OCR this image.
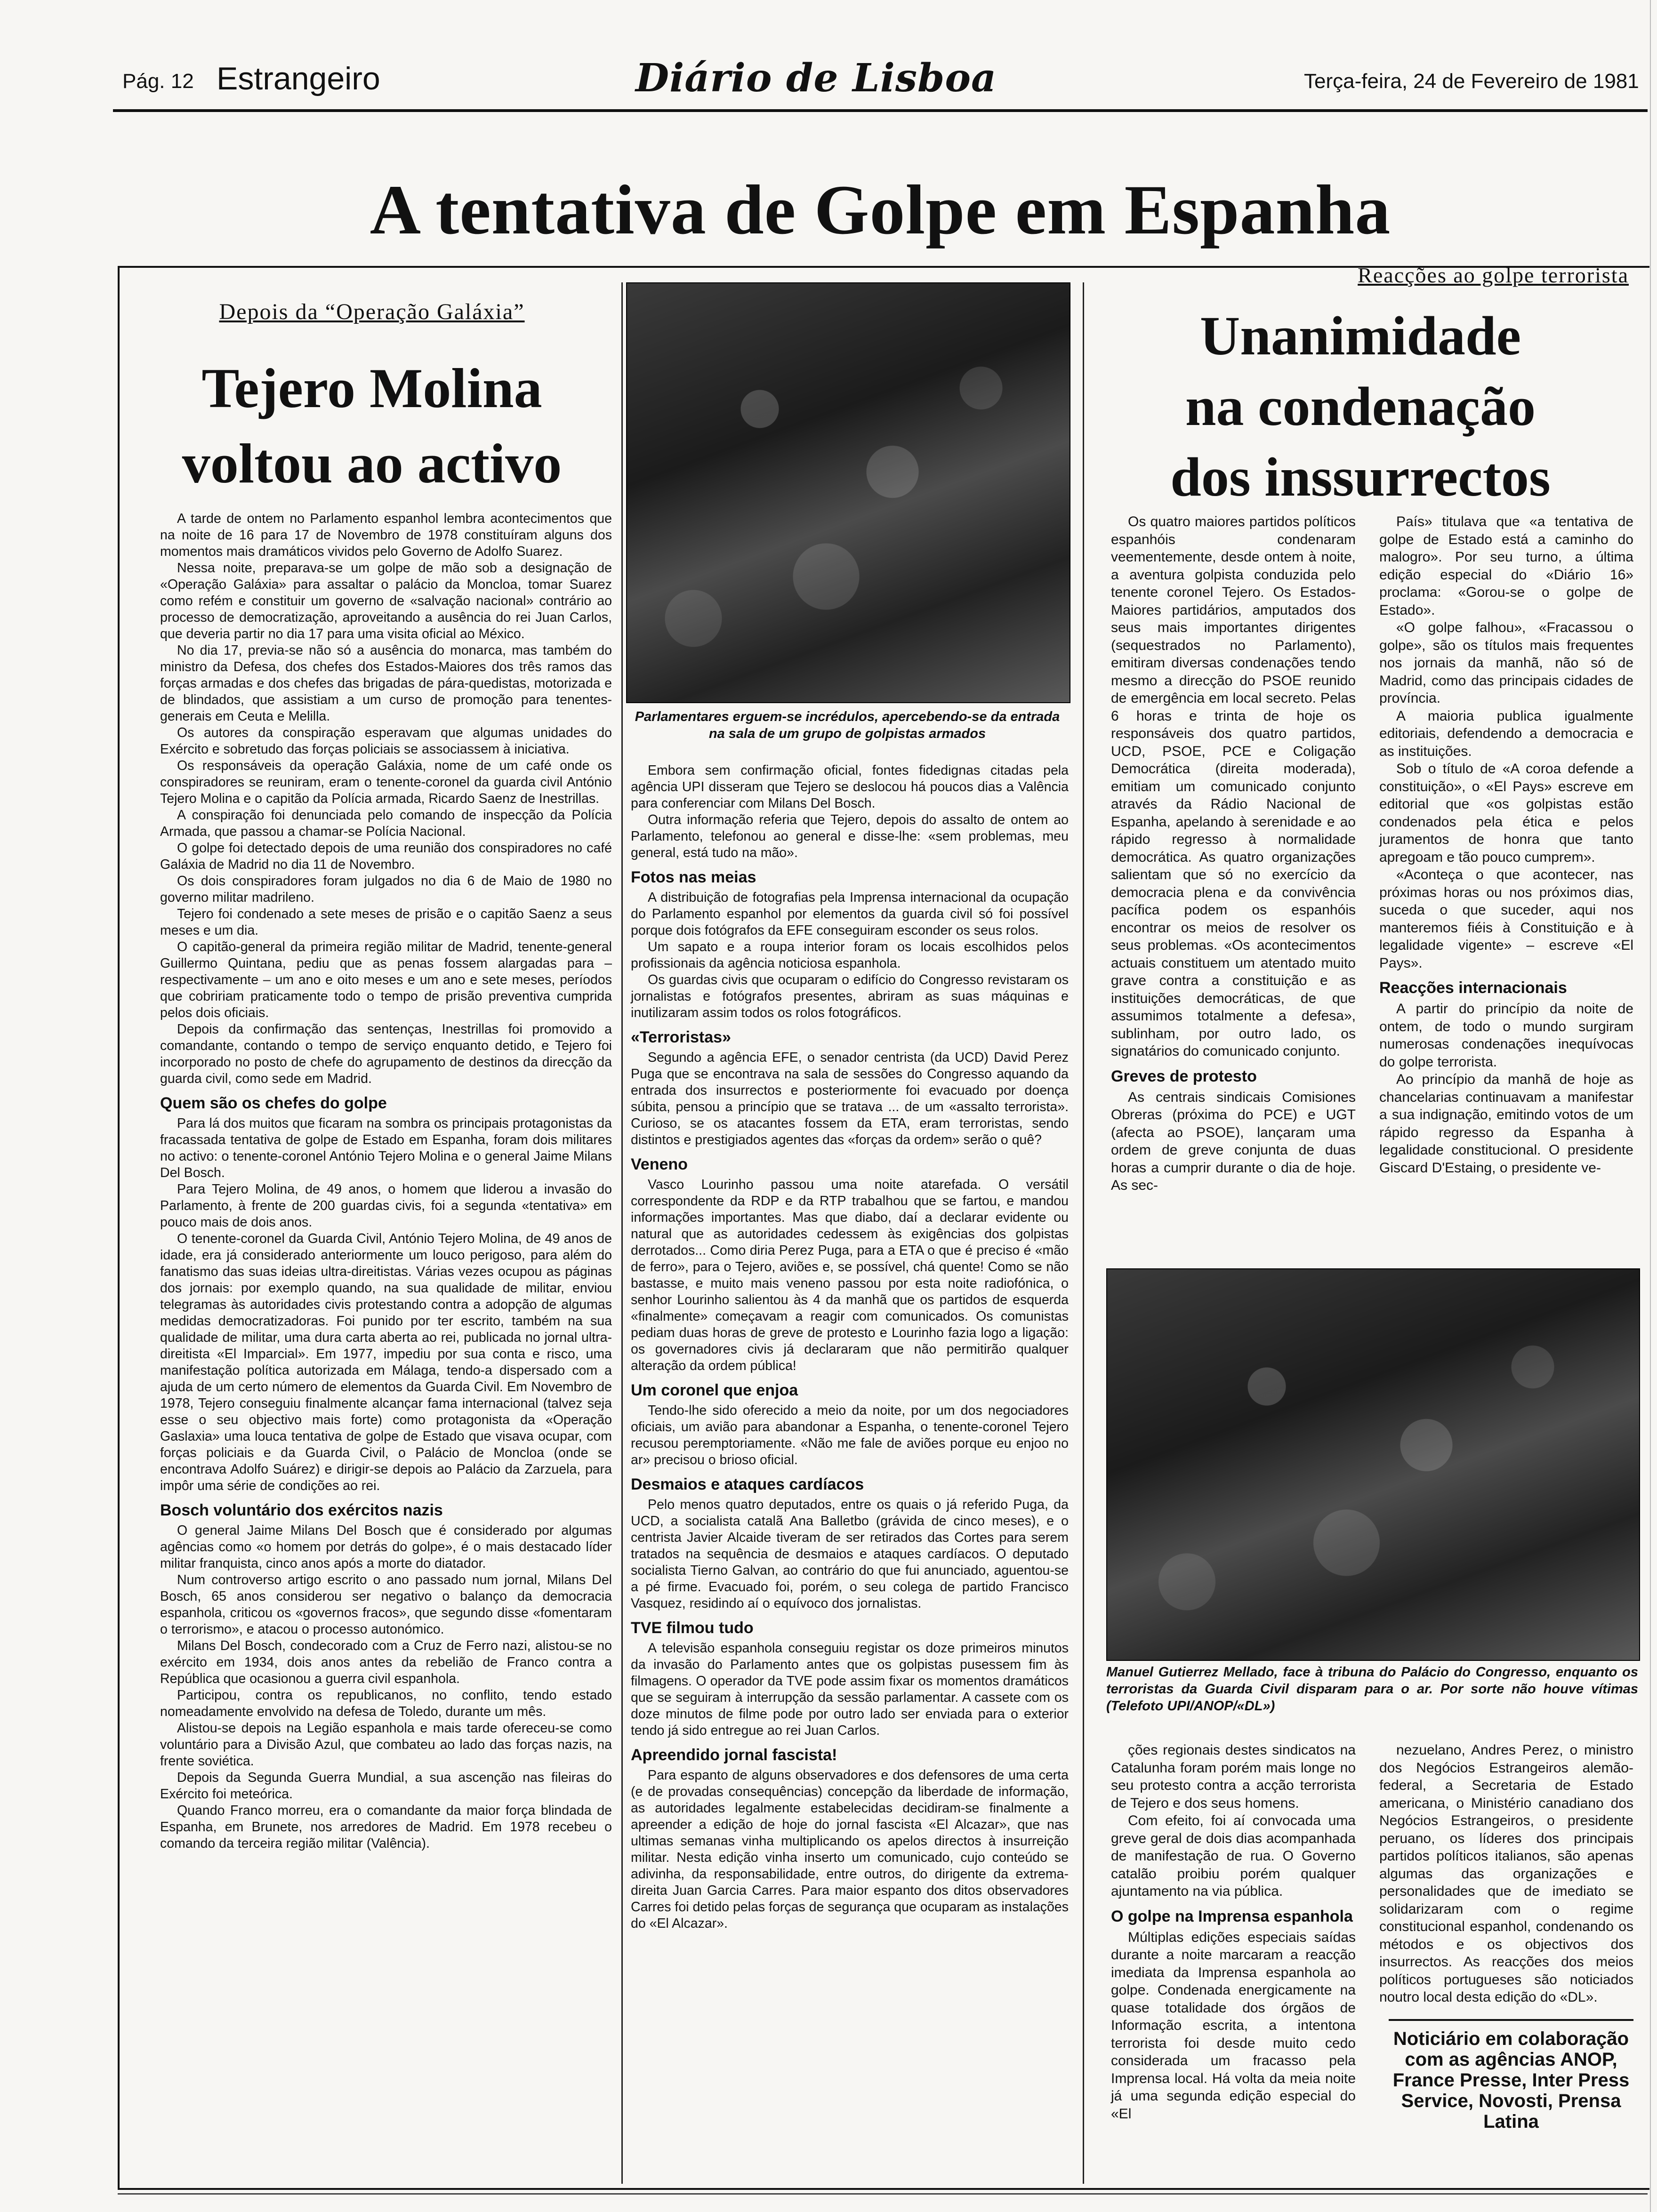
Pág. 12 Estrangeiro	Diário de Lisboa	Terça-feira, 24 de Fevereiro de 1981
A tentativa de Golpe em Espanha
Depois da “Operação Galáxia”
Tejero Molina
voltou ao activo

A tarde de ontem no Parlamento espanhol lembra acontecimentos que na noite de 16 para 17 de Novembro de 1978 constituíram alguns dos momentos mais dramáticos vividos pelo Governo de Adolfo Suarez.

Nessa noite, preparava-se um golpe de mão sob a designação de «Operação Galáxia» para assaltar o palácio da Moncloa, tomar Suarez como refém e constituir um governo de «salvação nacional» contrário ao processo de democratização, aproveitando a ausência do rei Juan Carlos, que deveria partir no dia 17 para uma visita oficial ao México.

No dia 17, previa-se não só a ausência do monarca, mas também do ministro da Defesa, dos chefes dos Estados-Maiores dos três ramos das forças armadas e dos chefes das brigadas de pára-quedistas, motorizada e de blindados, que assistiam a um curso de promoção para tenentes-generais em Ceuta e Melilla.

Os autores da conspiração esperavam que algumas unidades do Exército e sobretudo das forças policiais se associassem à iniciativa.

Os responsáveis da operação Galáxia, nome de um café onde os conspiradores se reuniram, eram o tenente-coronel da guarda civil António Tejero Molina e o capitão da Polícia armada, Ricardo Saenz de Inestrillas.

A conspiração foi denunciada pelo comando de inspecção da Polícia Armada, que passou a chamar-se Polícia Nacional.

O golpe foi detectado depois de uma reunião dos conspiradores no café Galáxia de Madrid no dia 11 de Novembro.

Os dois conspiradores foram julgados no dia 6 de Maio de 1980 no governo militar madrileno.

Tejero foi condenado a sete meses de prisão e o capitão Saenz a seus meses e um dia.

O capitão-general da primeira região militar de Madrid, tenente-general Guillermo Quintana, pediu que as penas fossem alargadas para – respectivamente – um ano e oito meses e um ano e sete meses, períodos que cobririam praticamente todo o tempo de prisão preventiva cumprida pelos dois oficiais.

Depois da confirmação das sentenças, Inestrillas foi promovido a comandante, contando o tempo de serviço enquanto detido, e Tejero foi incorporado no posto de chefe do agrupamento de destinos da direcção da guarda civil, como sede em Madrid.

Quem são os chefes do golpe

Para lá dos muitos que ficaram na sombra os principais protagonistas da fracassada tentativa de golpe de Estado em Espanha, foram dois militares no activo: o tenente-coronel António Tejero Molina e o general Jaime Milans Del Bosch.

Para Tejero Molina, de 49 anos, o homem que liderou a invasão do Parlamento, à frente de 200 guardas civis, foi a segunda «tentativa» em pouco mais de dois anos.

O tenente-coronel da Guarda Civil, António Tejero Molina, de 49 anos de idade, era já considerado anteriormente um louco perigoso, para além do fanatismo das suas ideias ultra-direitistas. Várias vezes ocupou as páginas dos jornais: por exemplo quando, na sua qualidade de militar, enviou telegramas às autoridades civis protestando contra a adopção de algumas medidas democratizadoras. Foi punido por ter escrito, também na sua qualidade de militar, uma dura carta aberta ao rei, publicada no jornal ultra-direitista «El Imparcial». Em 1977, impediu por sua conta e risco, uma manifestação política autorizada em Málaga, tendo-a dispersado com a ajuda de um certo número de elementos da Guarda Civil. Em Novembro de 1978, Tejero conseguiu finalmente alcançar fama internacional (talvez seja esse o seu objectivo mais forte) como protagonista da «Operação Gaslaxia» uma louca tentativa de golpe de Estado que visava ocupar, com forças policiais e da Guarda Civil, o Palácio de Moncloa (onde se encontrava Adolfo Suárez) e dirigir-se depois ao Palácio da Zarzuela, para impôr uma série de condições ao rei.

Bosch voluntário dos exércitos nazis

O general Jaime Milans Del Bosch que é considerado por algumas agências como «o homem por detrás do golpe», é o mais destacado líder militar franquista, cinco anos após a morte do diatador.

Num controverso artigo escrito o ano passado num jornal, Milans Del Bosch, 65 anos considerou ser negativo o balanço da democracia espanhola, criticou os «governos fracos», que segundo disse «fomentaram o terrorismo», e atacou o processo autonómico.

Milans Del Bosch, condecorado com a Cruz de Ferro nazi, alistou-se no exército em 1934, dois anos antes da rebelião de Franco contra a República que ocasionou a guerra civil espanhola.

Participou, contra os republicanos, no conflito, tendo estado nomeadamente envolvido na defesa de Toledo, durante um mês.

Alistou-se depois na Legião espanhola e mais tarde ofereceu-se como voluntário para a Divisão Azul, que combateu ao lado das forças nazis, na frente soviética.

Depois da Segunda Guerra Mundial, a sua ascenção nas fileiras do Exército foi meteórica.

Quando Franco morreu, era o comandante da maior força blindada de Espanha, em Brunete, nos arredores de Madrid. Em 1978 recebeu o comando da terceira região militar (Valência).

Parlamentares erguem-se incrédulos, apercebendo-se da entrada na sala de um grupo de golpistas armados

Embora sem confirmação oficial, fontes fidedignas citadas pela agência UPI disseram que Tejero se deslocou há poucos dias a Valência para conferenciar com Milans Del Bosch.

Outra informação referia que Tejero, depois do assalto de ontem ao Parlamento, telefonou ao general e disse-lhe: «sem problemas, meu general, está tudo na mão».

Fotos nas meias

A distribuição de fotografias pela Imprensa internacional da ocupação do Parlamento espanhol por elementos da guarda civil só foi possível porque dois fotógrafos da EFE conseguiram esconder os seus rolos.

Um sapato e a roupa interior foram os locais escolhidos pelos profissionais da agência noticiosa espanhola.

Os guardas civis que ocuparam o edifício do Congresso revistaram os jornalistas e fotógrafos presentes, abriram as suas máquinas e inutilizaram assim todos os rolos fotográficos.

«Terroristas»

Segundo a agência EFE, o senador centrista (da UCD) David Perez Puga que se encontrava na sala de sessões do Congresso aquando da entrada dos insurrectos e posteriormente foi evacuado por doença súbita, pensou a princípio que se tratava ... de um «assalto terrorista». Curioso, se os atacantes fossem da ETA, eram terroristas, sendo distintos e prestigiados agentes das «forças da ordem» serão o quê?

Veneno

Vasco Lourinho passou uma noite atarefada. O versátil correspondente da RDP e da RTP trabalhou que se fartou, e mandou informações importantes. Mas que diabo, daí a declarar evidente ou natural que as autoridades cedessem às exigências dos golpistas derrotados... Como diria Perez Puga, para a ETA o que é preciso é «mão de ferro», para o Tejero, aviões e, se possível, chá quente! Como se não bastasse, e muito mais veneno passou por esta noite radiofónica, o senhor Lourinho salientou às 4 da manhã que os partidos de esquerda «finalmente» começavam a reagir com comunicados. Os comunistas pediam duas horas de greve de protesto e Lourinho fazia logo a ligação: os governadores civis já declararam que não permitirão qualquer alteração da ordem pública!

Um coronel que enjoa

Tendo-lhe sido oferecido a meio da noite, por um dos negociadores oficiais, um avião para abandonar a Espanha, o tenente-coronel Tejero recusou peremptoriamente. «Não me fale de aviões porque eu enjoo no ar» precisou o brioso oficial.

Desmaios e ataques cardíacos

Pelo menos quatro deputados, entre os quais o já referido Puga, da UCD, a socialista catalã Ana Balletbo (grávida de cinco meses), e o centrista Javier Alcaide tiveram de ser retirados das Cortes para serem tratados na sequência de desmaios e ataques cardíacos. O deputado socialista Tierno Galvan, ao contrário do que fui anunciado, aguentou-se a pé firme. Evacuado foi, porém, o seu colega de partido Francisco Vasquez, residindo aí o equívoco dos jornalistas.

TVE filmou tudo

A televisão espanhola conseguiu registar os doze primeiros minutos da invasão do Parlamento antes que os golpistas pusessem fim às filmagens. O operador da TVE pode assim fixar os momentos dramáticos que se seguiram à interrupção da sessão parlamentar. A cassete com os doze minutos de filme pode por outro lado ser enviada para o exterior tendo já sido entregue ao rei Juan Carlos.

Apreendido jornal fascista!

Para espanto de alguns observadores e dos defensores de uma certa (e de provadas consequências) concepção da liberdade de informação, as autoridades legalmente estabelecidas decidiram-se finalmente a apreender a edição de hoje do jornal fascista «El Alcazar», que nas ultimas semanas vinha multiplicando os apelos directos à insurreição militar. Nesta edição vinha inserto um comunicado, cujo conteúdo se adivinha, da responsabilidade, entre outros, do dirigente da extrema-direita Juan Garcia Carres. Para maior espanto dos ditos observadores Carres foi detido pelas forças de segurança que ocuparam as instalações do «El Alcazar».

Reacções ao golpe terrorista
Unanimidade
na condenação
dos inssurrectos

Os quatro maiores partidos políticos espanhóis condenaram veementemente, desde ontem à noite, a aventura golpista conduzida pelo tenente coronel Tejero. Os Estados-Maiores partidários, amputados dos seus mais importantes dirigentes (sequestrados no Parlamento), emitiram diversas condenações tendo mesmo a direcção do PSOE reunido de emergência em local secreto. Pelas 6 horas e trinta de hoje os responsáveis dos quatro partidos, UCD, PSOE, PCE e Coligação Democrática (direita moderada), emitiam um comunicado conjunto através da Rádio Nacional de Espanha, apelando à serenidade e ao rápido regresso à normalidade democrática. As quatro organizações salientam que só no exercício da democracia plena e da convivência pacífica podem os espanhóis encontrar os meios de resolver os seus problemas. «Os acontecimentos actuais constituem um atentado muito grave contra a constituição e as instituições democráticas, de que assumimos totalmente a defesa», sublinham, por outro lado, os signatários do comunicado conjunto.

Greves de protesto

As centrais sindicais Comisiones Obreras (próxima do PCE) e UGT (afecta ao PSOE), lançaram uma ordem de greve conjunta de duas horas a cumprir durante o dia de hoje. As sec-

País» titulava que «a tentativa de golpe de Estado está a caminho do malogro». Por seu turno, a última edição especial do «Diário 16» proclama: «Gorou-se o golpe de Estado».

«O golpe falhou», «Fracassou o golpe», são os títulos mais frequentes nos jornais da manhã, não só de Madrid, como das principais cidades de província.

A maioria publica igualmente editoriais, defendendo a democracia e as instituições.

Sob o título de «A coroa defende a constituição», o «El Pays» escreve em editorial que «os golpistas estão condenados pela ética e pelos juramentos de honra que tanto apregoam e tão pouco cumprem».

«Aconteça o que acontecer, nas próximas horas ou nos próximos dias, suceda o que suceder, aqui nos manteremos fiéis à Constituição e à legalidade vigente» – escreve «El Pays».

Reacções internacionais

A partir do princípio da noite de ontem, de todo o mundo surgiram numerosas condenações inequívocas do golpe terrorista.

Ao princípio da manhã de hoje as chancelarias continuavam a manifestar a sua indignação, emitindo votos de um rápido regresso da Espanha à legalidade constitucional. O presidente Giscard D'Estaing, o presidente ve-

Manuel Gutierrez Mellado, face à tribuna do Palácio do Congresso, enquanto os terroristas da Guarda Civil disparam para o ar. Por sorte não houve vítimas (Telefoto UPI/ANOP/«DL»)

ções regionais destes sindicatos na Catalunha foram porém mais longe no seu protesto contra a acção terrorista de Tejero e dos seus homens.

Com efeito, foi aí convocada uma greve geral de dois dias acompanhada de manifestação de rua. O Governo catalão proibiu porém qualquer ajuntamento na via pública.

O golpe na Imprensa espanhola

Múltiplas edições especiais saídas durante a noite marcaram a reacção imediata da Imprensa espanhola ao golpe. Condenada energicamente na quase totalidade dos órgãos de Informação escrita, a intentona terrorista foi desde muito cedo considerada um fracasso pela Imprensa local. Há volta da meia noite já uma segunda edição especial do «El

nezuelano, Andres Perez, o ministro dos Negócios Estrangeiros alemão-federal, a Secretaria de Estado americana, o Ministério canadiano dos Negócios Estrangeiros, o presidente peruano, os líderes dos principais partidos políticos italianos, são apenas algumas das organizações e personalidades que de imediato se solidarizaram com o regime constitucional espanhol, condenando os métodos e os objectivos dos insurrectos. As reacções dos meios políticos portugueses são noticiados noutro local desta edição do «DL».

Noticiário em colaboração com as agências ANOP, France Presse, Inter Press Service, Novosti, Prensa Latina
